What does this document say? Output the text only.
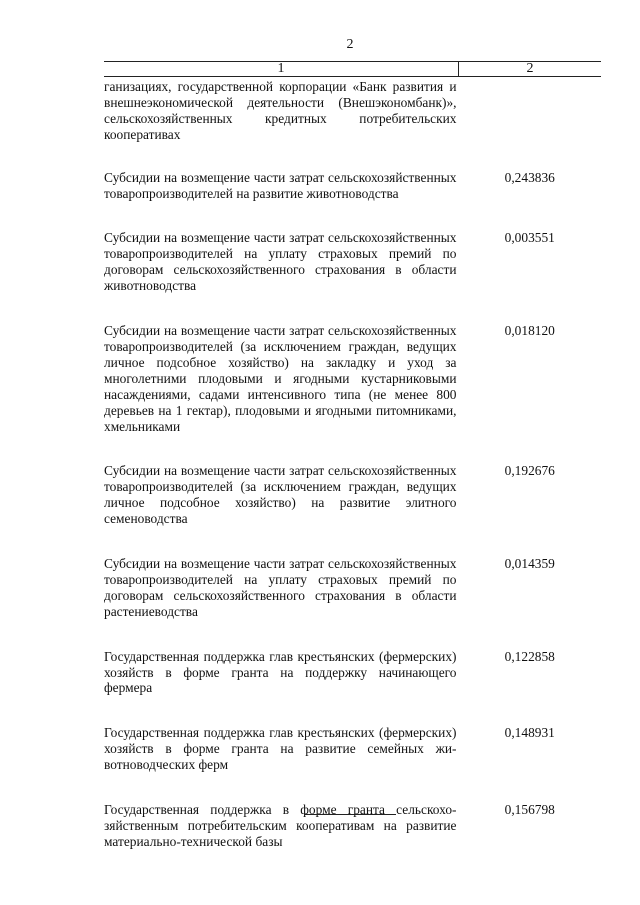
2
1	2
ганизациях, государственной корпорации «Банк развития и внешнеэкономической деятельности (Внешэкономбанк)», сельскохозяйственных кредитных потребительских кооперативах	
Субсидии на возмещение части затрат сельскохозяйственных товаропроизводителей на развитие животноводства	0,243836
Субсидии на возмещение части затрат сельскохозяйственных товаропроизводителей на уплату страховых премий по договорам сельскохозяйственного страхования в области животноводства	0,003551
Субсидии на возмещение части затрат сельскохозяйственных товаропроизводителей (за исключением граждан, ведущих личное подсобное хозяйство) на закладку и уход за многолетними плодовыми и ягодными кустарниковыми насаждениями, садами интенсивного типа (не менее 800 деревьев на 1 гектар), плодовыми и ягодными питомниками, хмельниками	0,018120
Субсидии на возмещение части затрат сельскохозяйственных товаропроизводителей (за исключением граждан, ведущих личное подсобное хозяйство) на развитие элитного семеноводства	0,192676
Субсидии на возмещение части затрат сельскохозяйственных товаропроизводителей на уплату страховых премий по договорам сельскохозяйственного страхования в области растениеводства	0,014359
Государственная поддержка глав крестьянских (фермерских) хозяйств в форме гранта на поддержку начинающего фермера	0,122858
Государственная поддержка глав крестьянских (фермерских) хозяйств в форме гранта на развитие семейных животноводческих ферм	0,148931
Государственная поддержка в форме гранта сельскохозяйственным потребительским кооперативам на развитие материально-технической базы	0,156798
